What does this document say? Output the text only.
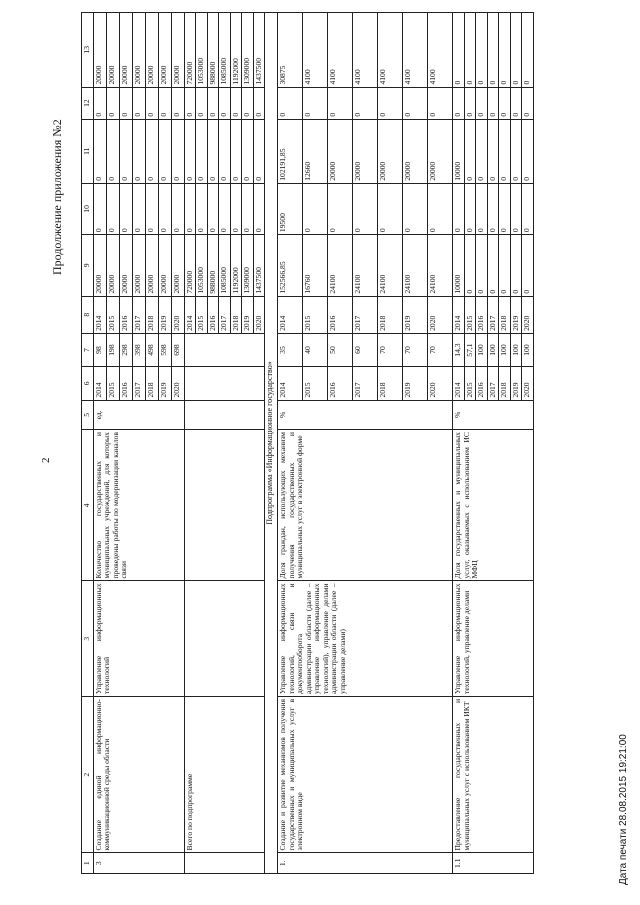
2
Продолжение приложения №2
1	2	3	4	5	6	7	8	9	10	11	12	13
3	Создание единой информационно-коммуникационной среды области	Управление информационных технологий	Количество государственных и муниципальных учреждений, для которых проведены работы по модернизации каналов связи	ед.	2014	98	2014	20000	0	0	0	20000
					2015	198	2015	20000	0	0	0	20000
					2016	298	2016	20000	0	0	0	20000
					2017	398	2017	20000	0	0	0	20000
					2018	498	2018	20000	0	0	0	20000
					2019	598	2019	20000	0	0	0	20000
					2020	698	2020	20000	0	0	0	20000
	Всего по подпрограмме						2014	720000	0	0	0	720000
							2015	1053000	0	0	0	1053000
							2016	988000	0	0	0	988000
							2017	1085000	0	0	0	1085000
							2018	1192000	0	0	0	1192000
							2019	1309000	0	0	0	1309000
							2020	1437500	0	0	0	1437500
Подпрограмма «Информационное государство»												
1.	Создание и развитие механизмов получения государственных и муниципальных услуг в электронном виде	Управление информационных технологий, связи и документооборота администрации области (далее – управление информационных технологий), управление делами администрации области (далее – управление делами)	Доля граждан, использующих механизм получения государственных и муниципальных услуг в электронной форме	%	2014	35	2014	152566,85	19500	102191,85	0	30875
					2015	40	2015	16760	0	12660	0	4100
					2016	50	2016	24100	0	20000	0	4100
					2017	60	2017	24100	0	20000	0	4100
					2018	70	2018	24100	0	20000	0	4100
					2019	70	2019	24100	0	20000	0	4100
					2020	70	2020	24100	0	20000	0	4100
1.1	Предоставление государственных и муниципальных услуг с использованием ИКТ	Управление информационных технологий, управление делами	Доля государственных и муниципальных услуг, оказываемых с использованием ИС МФЦ	%	2014	14,3	2014	10000	0	10000	0	0
					2015	57,1	2015	0	0	0	0	0
					2016	100	2016	0	0	0	0	0
					2017	100	2017	0	0	0	0	0
					2018	100	2018	0	0	0	0	0
					2019	100	2019	0	0	0	0	0
					2020	100	2020	0	0	0	0	0
Дата печати 28.08.2015 19:21:00
